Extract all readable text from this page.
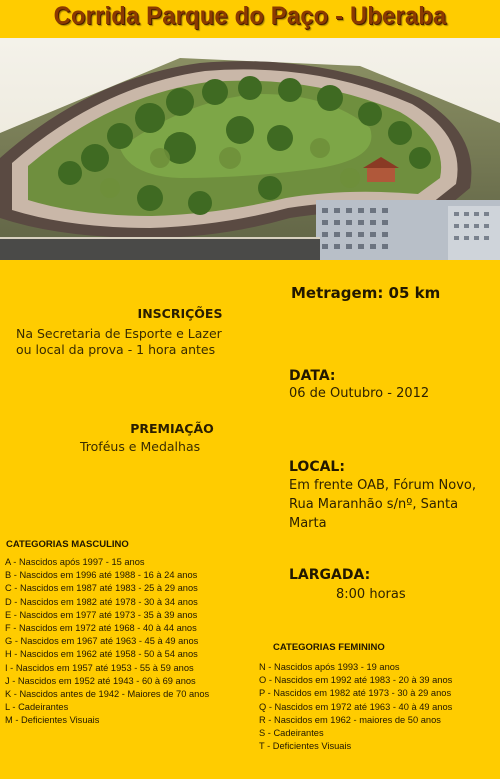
Corrida Parque do Paço - Uberaba
INSCRIÇÕES
Na Secretaria de Esporte e Lazer
ou local da prova - 1 hora antes
PREMIAÇÃO
Troféus e Medalhas
Metragem: 05 km
DATA:
06 de Outubro - 2012
LOCAL:
Em frente OAB, Fórum Novo,
Rua Maranhão s/nº, Santa
Marta
LARGADA:
8:00 horas
CATEGORIAS MASCULINO
A - Nascidos após 1997 - 15 anos
B - Nascidos em 1996 até 1988 - 16 à 24 anos
C - Nascidos em 1987 até 1983 - 25 à 29 anos
D - Nascidos em 1982 até 1978 - 30 à 34 anos
E - Nascidos em 1977 até 1973 - 35 à 39 anos
F - Nascidos em 1972 até 1968 - 40 à 44 anos
G - Nascidos em 1967 até 1963 - 45 à 49 anos
H - Nascidos em 1962 até 1958 - 50 à 54 anos
I - Nascidos em 1957 até 1953 - 55 à 59 anos
J - Nascidos em 1952 até 1943 - 60 à 69 anos
K - Nascidos antes de 1942 - Maiores de 70 anos
L - Cadeirantes
M - Deficientes Visuais
CATEGORIAS FEMININO
N - Nascidos após 1993 - 19 anos
O - Nascidos em 1992 até 1983 - 20 à 39 anos
P - Nascidos em 1982 até 1973 - 30 à 29 anos
Q - Nascidos em 1972 até 1963 - 40 à 49 anos
R - Nascidos em 1962 - maiores de 50 anos
S - Cadeirantes
T - Deficientes Visuais
